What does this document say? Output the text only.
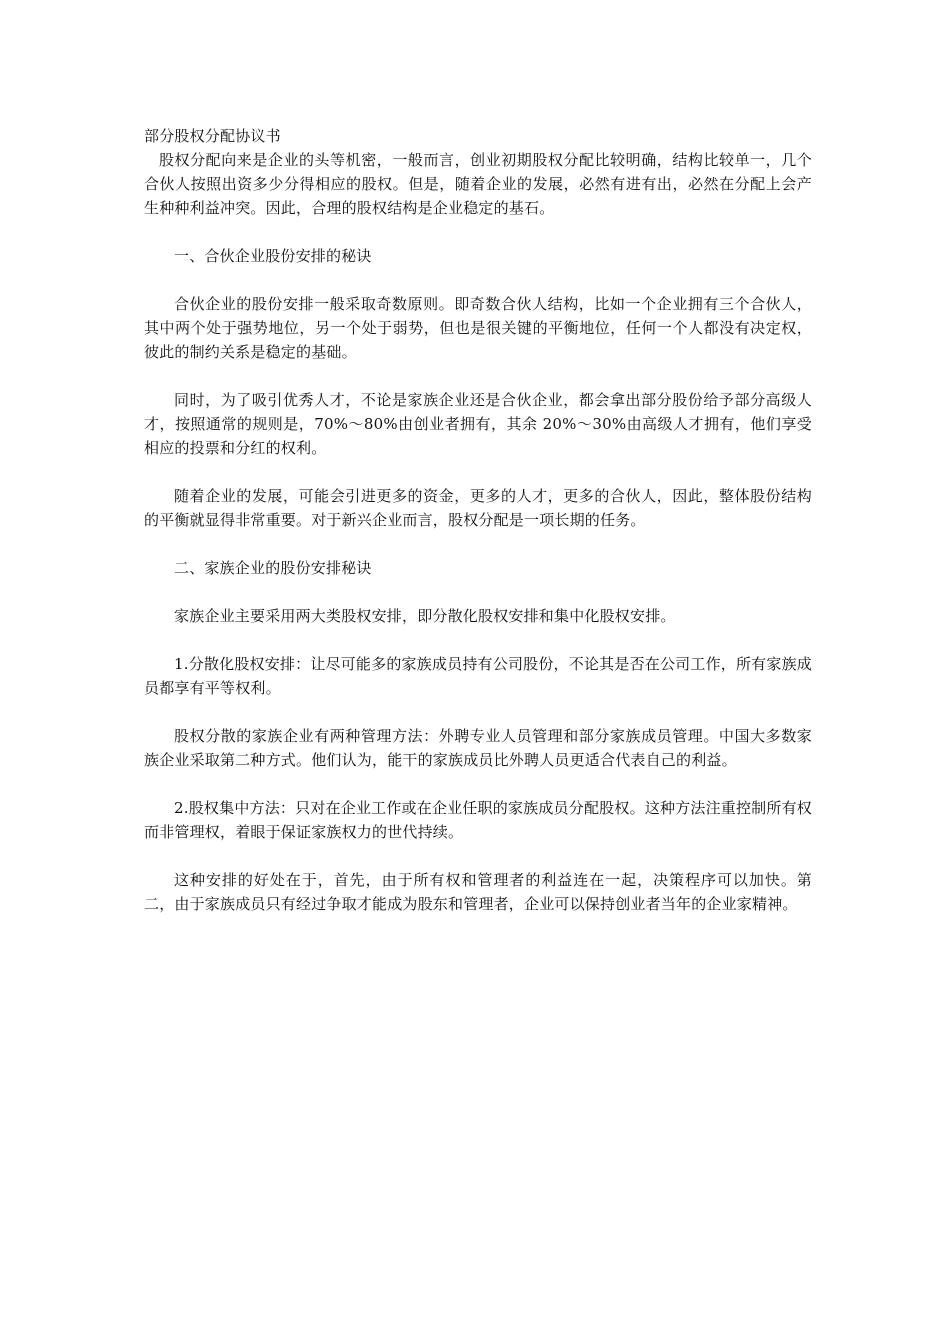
部分股权分配协议书

股权分配向来是企业的头等机密，一般而言，创业初期股权分配比较明确，结构比较单一，几个合伙人按照出资多少分得相应的股权。但是，随着企业的发展，必然有进有出，必然在分配上会产生种种利益冲突。因此，合理的股权结构是企业稳定的基石。

一、合伙企业股份安排的秘诀

合伙企业的股份安排一般采取奇数原则。即奇数合伙人结构，比如一个企业拥有三个合伙人，其中两个处于强势地位，另一个处于弱势，但也是很关键的平衡地位，任何一个人都没有决定权，彼此的制约关系是稳定的基础。

同时，为了吸引优秀人才，不论是家族企业还是合伙企业，都会拿出部分股份给予部分高级人才，按照通常的规则是，70%～80%由创业者拥有，其余 20%～30%由高级人才拥有，他们享受相应的投票和分红的权利。

随着企业的发展，可能会引进更多的资金，更多的人才，更多的合伙人，因此，整体股份结构的平衡就显得非常重要。对于新兴企业而言，股权分配是一项长期的任务。

二、家族企业的股份安排秘诀

家族企业主要采用两大类股权安排，即分散化股权安排和集中化股权安排。

1.分散化股权安排：让尽可能多的家族成员持有公司股份，不论其是否在公司工作，所有家族成员都享有平等权利。

股权分散的家族企业有两种管理方法：外聘专业人员管理和部分家族成员管理。中国大多数家族企业采取第二种方式。他们认为，能干的家族成员比外聘人员更适合代表自己的利益。

2.股权集中方法：只对在企业工作或在企业任职的家族成员分配股权。这种方法注重控制所有权而非管理权，着眼于保证家族权力的世代持续。

这种安排的好处在于，首先，由于所有权和管理者的利益连在一起，决策程序可以加快。第二，由于家族成员只有经过争取才能成为股东和管理者，企业可以保持创业者当年的企业家精神。
